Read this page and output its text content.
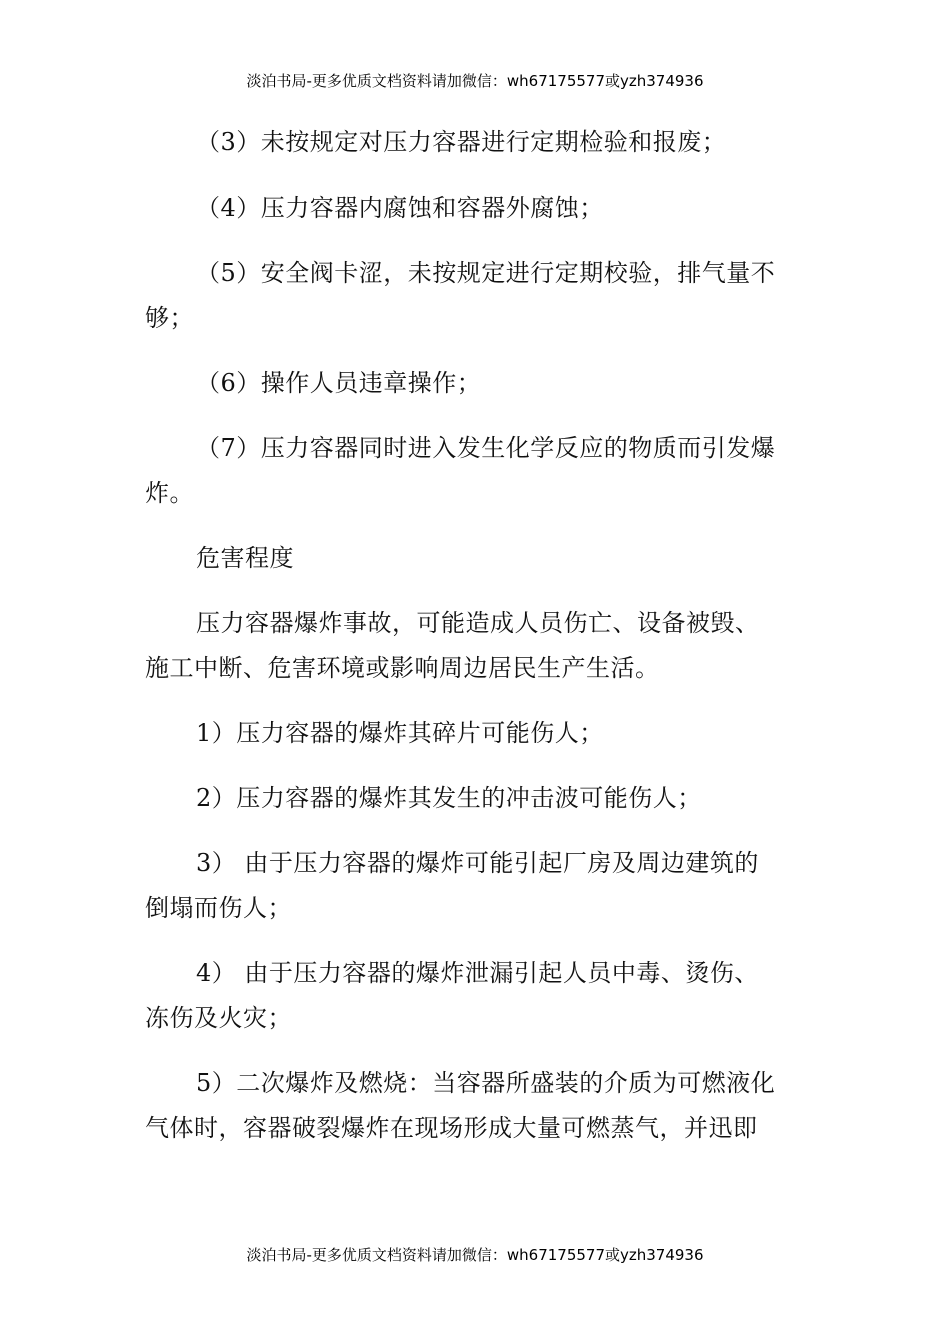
淡泊书局-更多优质文档资料请加微信：wh67175577或yzh374936
（3）未按规定对压力容器进行定期检验和报废；
（4）压力容器内腐蚀和容器外腐蚀；
（5）安全阀卡涩，未按规定进行定期校验，排气量不
够；
（6）操作人员违章操作；
（7）压力容器同时进入发生化学反应的物质而引发爆
炸。
危害程度
压力容器爆炸事故，可能造成人员伤亡、设备被毁、
施工中断、危害环境或影响周边居民生产生活。
1）压力容器的爆炸其碎片可能伤人；
2）压力容器的爆炸其发生的冲击波可能伤人；
3） 由于压力容器的爆炸可能引起厂房及周边建筑的
倒塌而伤人；
4） 由于压力容器的爆炸泄漏引起人员中毒、烫伤、
冻伤及火灾；
5）二次爆炸及燃烧：当容器所盛装的介质为可燃液化
气体时，容器破裂爆炸在现场形成大量可燃蒸气，并迅即
淡泊书局-更多优质文档资料请加微信：wh67175577或yzh374936
